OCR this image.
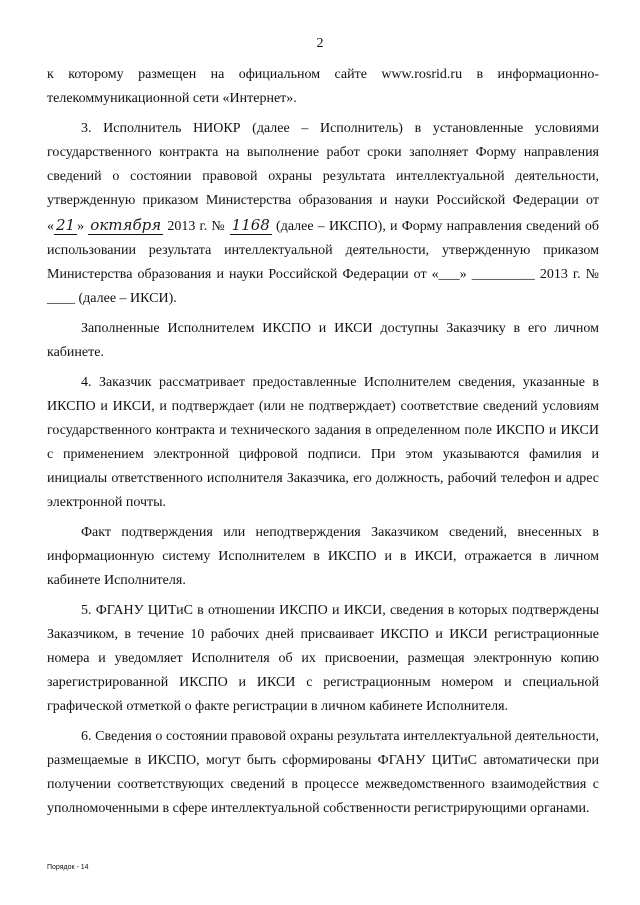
2

к которому размещен на официальном сайте www.rosrid.ru в информационно-телекоммуникационной сети «Интернет».

3. Исполнитель НИОКР (далее – Исполнитель) в установленные условиями государственного контракта на выполнение работ сроки заполняет Форму направления сведений о состоянии правовой охраны результата интеллектуальной деятельности, утвержденную приказом Министерства образования и науки Российской Федерации от « 21 » октября 2013 г. № 1168 (далее – ИКСПО), и Форму направления сведений об использовании результата интеллектуальной деятельности, утвержденную приказом Министерства образования и науки Российской Федерации от «___» _________ 2013 г. № ____ (далее – ИКСИ).

Заполненные Исполнителем ИКСПО и ИКСИ доступны Заказчику в его личном кабинете.

4. Заказчик рассматривает предоставленные Исполнителем сведения, указанные в ИКСПО и ИКСИ, и подтверждает (или не подтверждает) соответствие сведений условиям государственного контракта и технического задания в определенном поле ИКСПО и ИКСИ с применением электронной цифровой подписи. При этом указываются фамилия и инициалы ответственного исполнителя Заказчика, его должность, рабочий телефон и адрес электронной почты.

Факт подтверждения или неподтверждения Заказчиком сведений, внесенных в информационную систему Исполнителем в ИКСПО и в ИКСИ, отражается в личном кабинете Исполнителя.

5. ФГАНУ ЦИТиС в отношении ИКСПО и ИКСИ, сведения в которых подтверждены Заказчиком, в течение 10 рабочих дней присваивает ИКСПО и ИКСИ регистрационные номера и уведомляет Исполнителя об их присвоении, размещая электронную копию зарегистрированной ИКСПО и ИКСИ с регистрационным номером и специальной графической отметкой о факте регистрации в личном кабинете Исполнителя.

6. Сведения о состоянии правовой охраны результата интеллектуальной деятельности, размещаемые в ИКСПО, могут быть сформированы ФГАНУ ЦИТиС автоматически при получении соответствующих сведений в процессе межведомственного взаимодействия с уполномоченными в сфере интеллектуальной собственности регистрирующими органами.

Порядок - 14
